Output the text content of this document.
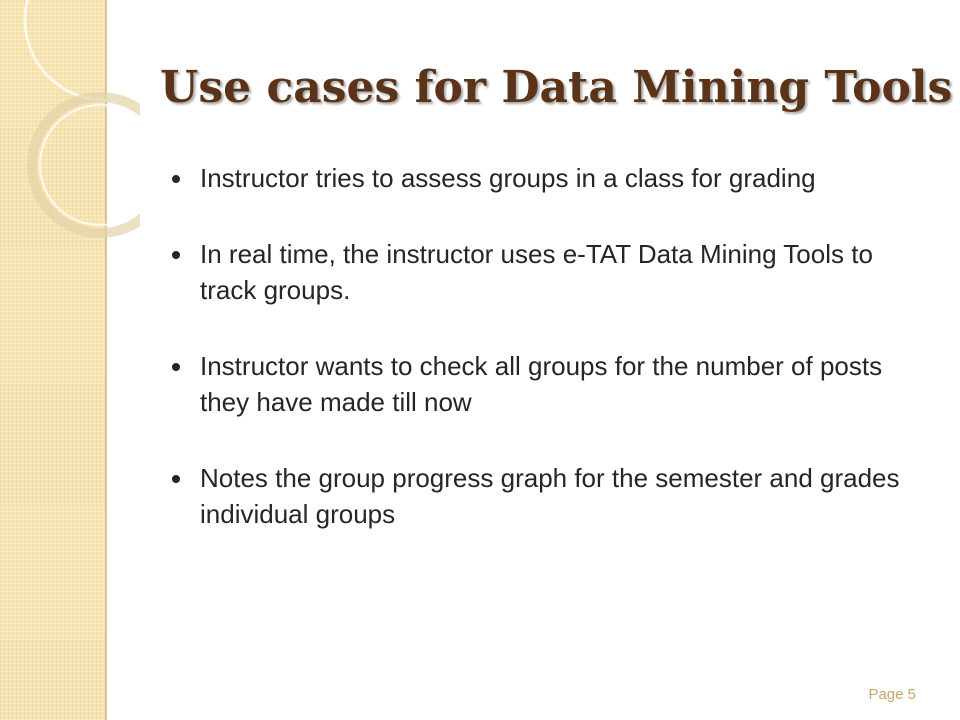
Use cases for Data Mining Tools
Instructor tries to assess groups in a class for grading
In real time, the instructor uses e-TAT Data Mining Tools to track groups.
Instructor wants to check all groups for the number of posts they have made till now
Notes the group progress graph for the semester and grades individual groups
Page 5
